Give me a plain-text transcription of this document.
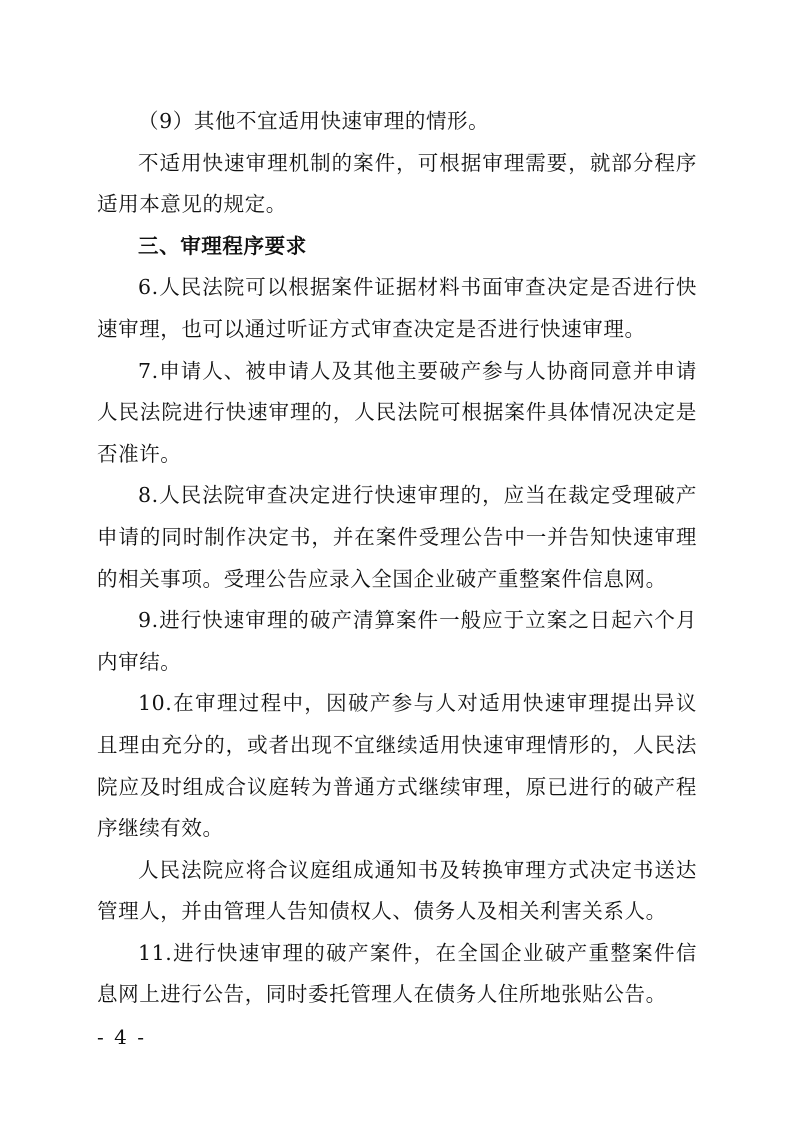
（9）其他不宜适用快速审理的情形。

不适用快速审理机制的案件，可根据审理需要，就部分程序适用本意见的规定。

三、审理程序要求

6.人民法院可以根据案件证据材料书面审查决定是否进行快速审理，也可以通过听证方式审查决定是否进行快速审理。

7.申请人、被申请人及其他主要破产参与人协商同意并申请人民法院进行快速审理的，人民法院可根据案件具体情况决定是否准许。

8.人民法院审查决定进行快速审理的，应当在裁定受理破产申请的同时制作决定书，并在案件受理公告中一并告知快速审理的相关事项。受理公告应录入全国企业破产重整案件信息网。

9.进行快速审理的破产清算案件一般应于立案之日起六个月内审结。

10.在审理过程中，因破产参与人对适用快速审理提出异议且理由充分的，或者出现不宜继续适用快速审理情形的，人民法院应及时组成合议庭转为普通方式继续审理，原已进行的破产程序继续有效。

人民法院应将合议庭组成通知书及转换审理方式决定书送达管理人，并由管理人告知债权人、债务人及相关利害关系人。

11.进行快速审理的破产案件，在全国企业破产重整案件信息网上进行公告，同时委托管理人在债务人住所地张贴公告。

- 4 -
